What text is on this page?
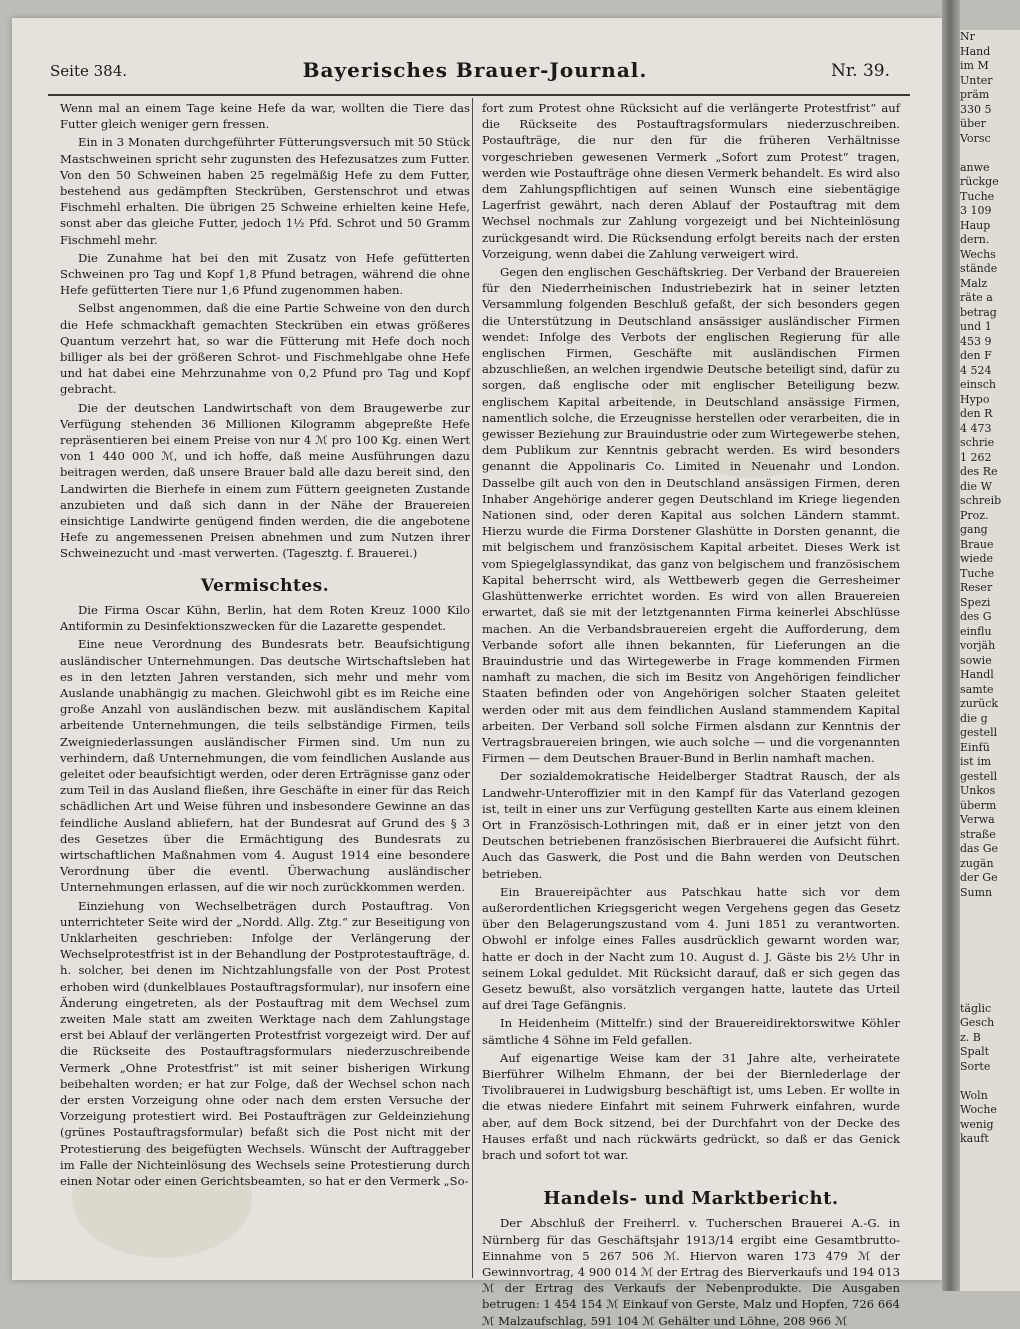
Nr
Hand
im M
Unter
präm
330 5
über
Vorsc

anwe
rückge
Tuche
3 109
Haup
dern.
Wechs
stände
Malz
räte a
betrag
und 1
453 9
den F
4 524
einsch
Hypo
den R
4 473
schrie
1 262
des Re
die W
schreib
Proz.
gang
Braue
wiede
Tuche
Reser
Spezi
des G
einflu
vorjäh
sowie
Handl
samte
zurück
die g
gestell
Einfü
ist im
gestell
Unkos
überm
Verwa
straße
das Ge
zugän
der Ge
Sumn

täglic
Gesch
z. B
Spalt
Sorte

Woln
Woche
wenig
kauft
Seite 384.	Bayerisches Brauer-Journal.	Nr. 39.

Wenn mal an einem Tage keine Hefe da war, wollten die Tiere das Futter gleich weniger gern fressen.

Ein in 3 Monaten durchgeführter Fütterungsversuch mit 50 Stück Mastschweinen spricht sehr zugunsten des Hefezusatzes zum Futter. Von den 50 Schweinen haben 25 regelmäßig Hefe zu dem Futter, bestehend aus gedämpften Steckrüben, Gerstenschrot und etwas Fischmehl erhalten. Die übrigen 25 Schweine erhielten keine Hefe, sonst aber das gleiche Futter, jedoch 1½ Pfd. Schrot und 50 Gramm Fischmehl mehr.

Die Zunahme hat bei den mit Zusatz von Hefe gefütterten Schweinen pro Tag und Kopf 1,8 Pfund betragen, während die ohne Hefe gefütterten Tiere nur 1,6 Pfund zugenommen haben.

Selbst angenommen, daß die eine Partie Schweine von den durch die Hefe schmackhaft gemachten Steckrüben ein etwas größeres Quantum verzehrt hat, so war die Fütterung mit Hefe doch noch billiger als bei der größeren Schrot- und Fischmehlgabe ohne Hefe und hat dabei eine Mehrzunahme von 0,2 Pfund pro Tag und Kopf gebracht.

Die der deutschen Landwirtschaft von dem Braugewerbe zur Verfügung stehenden 36 Millionen Kilogramm abgepreßte Hefe repräsentieren bei einem Preise von nur 4 ℳ pro 100 Kg. einen Wert von 1 440 000 ℳ, und ich hoffe, daß meine Ausführungen dazu beitragen werden, daß unsere Brauer bald alle dazu bereit sind, den Landwirten die Bierhefe in einem zum Füttern geeigneten Zustande anzubieten und daß sich dann in der Nähe der Brauereien einsichtige Landwirte genügend finden werden, die die angebotene Hefe zu angemessenen Preisen abnehmen und zum Nutzen ihrer Schweinezucht und -mast verwerten. (Tagesztg. f. Brauerei.)

Vermischtes.

Die Firma Oscar Kühn, Berlin, hat dem Roten Kreuz 1000 Kilo Antiformin zu Desinfektionszwecken für die Lazarette gespendet.

Eine neue Verordnung des Bundesrats betr. Beaufsichtigung ausländischer Unternehmungen. Das deutsche Wirtschaftsleben hat es in den letzten Jahren verstanden, sich mehr und mehr vom Auslande unabhängig zu machen. Gleichwohl gibt es im Reiche eine große Anzahl von ausländischen bezw. mit ausländischem Kapital arbeitende Unternehmungen, die teils selbständige Firmen, teils Zweigniederlassungen ausländischer Firmen sind. Um nun zu verhindern, daß Unternehmungen, die vom feindlichen Auslande aus geleitet oder beaufsichtigt werden, oder deren Erträgnisse ganz oder zum Teil in das Ausland fließen, ihre Geschäfte in einer für das Reich schädlichen Art und Weise führen und insbesondere Gewinne an das feindliche Ausland abliefern, hat der Bundesrat auf Grund des § 3 des Gesetzes über die Ermächtigung des Bundesrats zu wirtschaftlichen Maßnahmen vom 4. August 1914 eine besondere Verordnung über die eventl. Überwachung ausländischer Unternehmungen erlassen, auf die wir noch zurückkommen werden.

Einziehung von Wechselbeträgen durch Postauftrag. Von unterrichteter Seite wird der „Nordd. Allg. Ztg.“ zur Beseitigung von Unklarheiten geschrieben: Infolge der Verlängerung der Wechselprotestfrist ist in der Behandlung der Postprotestaufträge, d. h. solcher, bei denen im Nichtzahlungsfalle von der Post Protest erhoben wird (dunkelblaues Postauftragsformular), nur insofern eine Änderung eingetreten, als der Postauftrag mit dem Wechsel zum zweiten Male statt am zweiten Werktage nach dem Zahlungstage erst bei Ablauf der verlängerten Protestfrist vorgezeigt wird. Der auf die Rückseite des Postauftragsformulars niederzuschreibende Vermerk „Ohne Protestfrist“ ist mit seiner bisherigen Wirkung beibehalten worden; er hat zur Folge, daß der Wechsel schon nach der ersten Vorzeigung ohne oder nach dem ersten Versuche der Vorzeigung protestiert wird. Bei Postaufträgen zur Geldeinziehung (grünes Postauftragsformular) befaßt sich die Post nicht mit der Protestierung des beigefügten Wechsels. Wünscht der Auftraggeber im Falle der Nichteinlösung des Wechsels seine Protestierung durch einen Notar oder einen Gerichtsbeamten, so hat er den Vermerk „So-

fort zum Protest ohne Rücksicht auf die verlängerte Protestfrist“ auf die Rückseite des Postauftragsformulars niederzuschreiben. Postaufträge, die nur den für die früheren Verhältnisse vorgeschrieben gewesenen Vermerk „Sofort zum Protest“ tragen, werden wie Postaufträge ohne diesen Vermerk behandelt. Es wird also dem Zahlungspflichtigen auf seinen Wunsch eine siebentägige Lagerfrist gewährt, nach deren Ablauf der Postauftrag mit dem Wechsel nochmals zur Zahlung vorgezeigt und bei Nichteinlösung zurückgesandt wird. Die Rücksendung erfolgt bereits nach der ersten Vorzeigung, wenn dabei die Zahlung verweigert wird.

Gegen den englischen Geschäftskrieg. Der Verband der Brauereien für den Niederrheinischen Industriebezirk hat in seiner letzten Versammlung folgenden Beschluß gefaßt, der sich besonders gegen die Unterstützung in Deutschland ansässiger ausländischer Firmen wendet: Infolge des Verbots der englischen Regierung für alle englischen Firmen, Geschäfte mit ausländischen Firmen abzuschließen, an welchen irgendwie Deutsche beteiligt sind, dafür zu sorgen, daß englische oder mit englischer Beteiligung bezw. englischem Kapital arbeitende, in Deutschland ansässige Firmen, namentlich solche, die Erzeugnisse herstellen oder verarbeiten, die in gewisser Beziehung zur Brauindustrie oder zum Wirtegewerbe stehen, dem Publikum zur Kenntnis gebracht werden. Es wird besonders genannt die Appolinaris Co. Limited in Neuenahr und London. Dasselbe gilt auch von den in Deutschland ansässigen Firmen, deren Inhaber Angehörige anderer gegen Deutschland im Kriege liegenden Nationen sind, oder deren Kapital aus solchen Ländern stammt. Hierzu wurde die Firma Dorstener Glashütte in Dorsten genannt, die mit belgischem und französischem Kapital arbeitet. Dieses Werk ist vom Spiegelglassyndikat, das ganz von belgischem und französischem Kapital beherrscht wird, als Wettbewerb gegen die Gerresheimer Glashüttenwerke errichtet worden. Es wird von allen Brauereien erwartet, daß sie mit der letztgenannten Firma keinerlei Abschlüsse machen. An die Verbandsbrauereien ergeht die Aufforderung, dem Verbande sofort alle ihnen bekannten, für Lieferungen an die Brauindustrie und das Wirtegewerbe in Frage kommenden Firmen namhaft zu machen, die sich im Besitz von Angehörigen feindlicher Staaten befinden oder von Angehörigen solcher Staaten geleitet werden oder mit aus dem feindlichen Ausland stammendem Kapital arbeiten. Der Verband soll solche Firmen alsdann zur Kenntnis der Vertragsbrauereien bringen, wie auch solche — und die vorgenannten Firmen — dem Deutschen Brauer-Bund in Berlin namhaft machen.

Der sozialdemokratische Heidelberger Stadtrat Rausch, der als Landwehr-Unteroffizier mit in den Kampf für das Vaterland gezogen ist, teilt in einer uns zur Verfügung gestellten Karte aus einem kleinen Ort in Französisch-Lothringen mit, daß er in einer jetzt von den Deutschen betriebenen französischen Bierbrauerei die Aufsicht führt. Auch das Gaswerk, die Post und die Bahn werden von Deutschen betrieben.

Ein Brauereipächter aus Patschkau hatte sich vor dem außerordentlichen Kriegsgericht wegen Vergehens gegen das Gesetz über den Belagerungszustand vom 4. Juni 1851 zu verantworten. Obwohl er infolge eines Falles ausdrücklich gewarnt worden war, hatte er doch in der Nacht zum 10. August d. J. Gäste bis 2½ Uhr in seinem Lokal geduldet. Mit Rücksicht darauf, daß er sich gegen das Gesetz bewußt, also vorsätzlich vergangen hatte, lautete das Urteil auf drei Tage Gefängnis.

In Heidenheim (Mittelfr.) sind der Brauereidirektorswitwe Köhler sämtliche 4 Söhne im Feld gefallen.

Auf eigenartige Weise kam der 31 Jahre alte, verheiratete Bierführer Wilhelm Ehmann, der bei der Biernlederlage der Tivolibrauerei in Ludwigsburg beschäftigt ist, ums Leben. Er wollte in die etwas niedere Einfahrt mit seinem Fuhrwerk einfahren, wurde aber, auf dem Bock sitzend, bei der Durchfahrt von der Decke des Hauses erfaßt und nach rückwärts gedrückt, so daß er das Genick brach und sofort tot war.

Handels- und Marktbericht.

Der Abschluß der Freiherrl. v. Tucherschen Brauerei A.-G. in Nürnberg für das Geschäftsjahr 1913/14 ergibt eine Gesamtbrutto-Einnahme von 5 267 506 ℳ. Hiervon waren 173 479 ℳ der Gewinnvortrag, 4 900 014 ℳ der Ertrag des Bierverkaufs und 194 013 ℳ der Ertrag des Verkaufs der Nebenprodukte. Die Ausgaben betrugen: 1 454 154 ℳ Einkauf von Gerste, Malz und Hopfen, 726 664 ℳ Malzaufschlag, 591 104 ℳ Gehälter und Löhne, 208 966 ℳ
